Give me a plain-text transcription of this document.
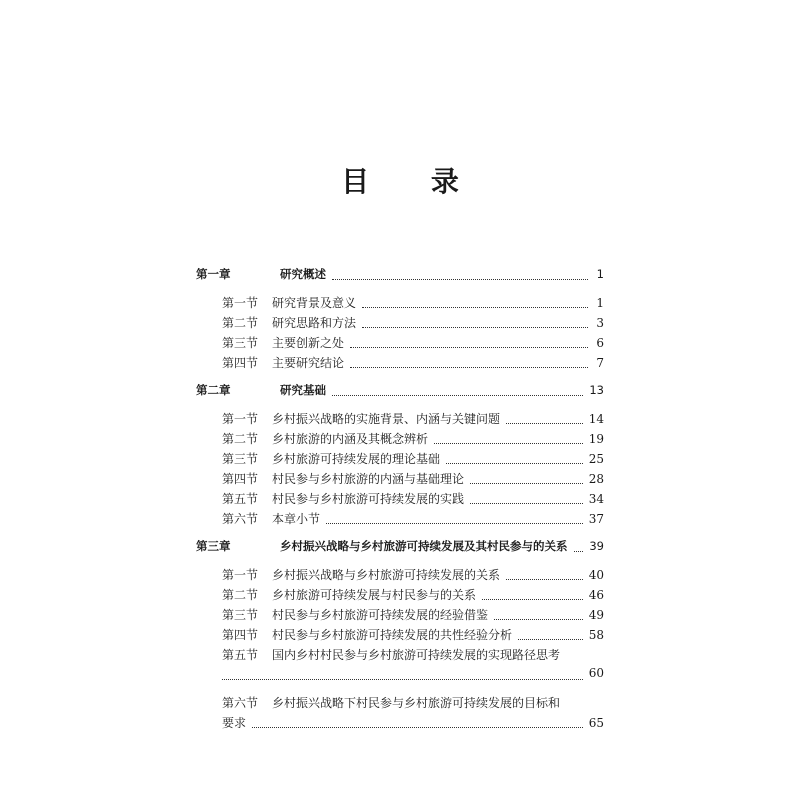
目 录
第一章	研究概述	1
第一节	研究背景及意义	1
第二节	研究思路和方法	3
第三节	主要创新之处	6
第四节	主要研究结论	7
第二章	研究基础	13
第一节	乡村振兴战略的实施背景、内涵与关键问题	14
第二节	乡村旅游的内涵及其概念辨析	19
第三节	乡村旅游可持续发展的理论基础	25
第四节	村民参与乡村旅游的内涵与基础理论	28
第五节	村民参与乡村旅游可持续发展的实践	34
第六节	本章小节	37
第三章	乡村振兴战略与乡村旅游可持续发展及其村民参与的关系 39
第一节	乡村振兴战略与乡村旅游可持续发展的关系	40
第二节	乡村旅游可持续发展与村民参与的关系	46
第三节	村民参与乡村旅游可持续发展的经验借鉴	49
第四节	村民参与乡村旅游可持续发展的共性经验分析	58
第五节	国内乡村村民参与乡村旅游可持续发展的实现路径思考
60
第六节	乡村振兴战略下村民参与乡村旅游可持续发展的目标和
要求	65
